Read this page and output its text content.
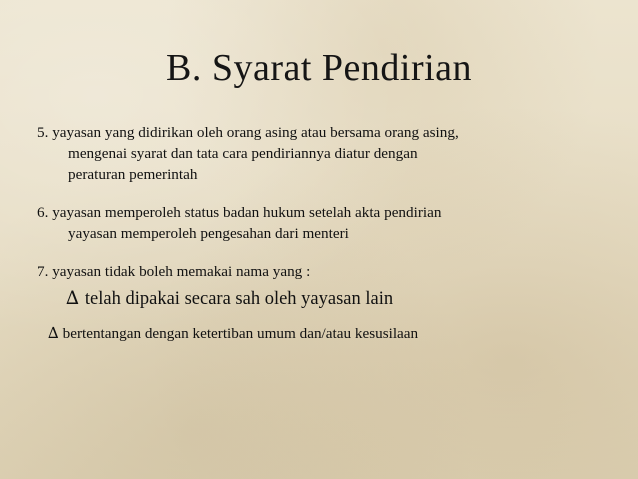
B. Syarat Pendirian
5. yayasan yang didirikan oleh orang asing atau bersama orang asing,
mengenai syarat dan tata cara pendiriannya diatur dengan
peraturan pemerintah
6. yayasan memperoleh status badan hukum setelah akta pendirian
yayasan memperoleh pengesahan dari menteri
7. yayasan tidak boleh memakai nama yang :
∆ telah dipakai secara sah oleh yayasan lain
∆ bertentangan dengan ketertiban umum dan/atau kesusilaan
